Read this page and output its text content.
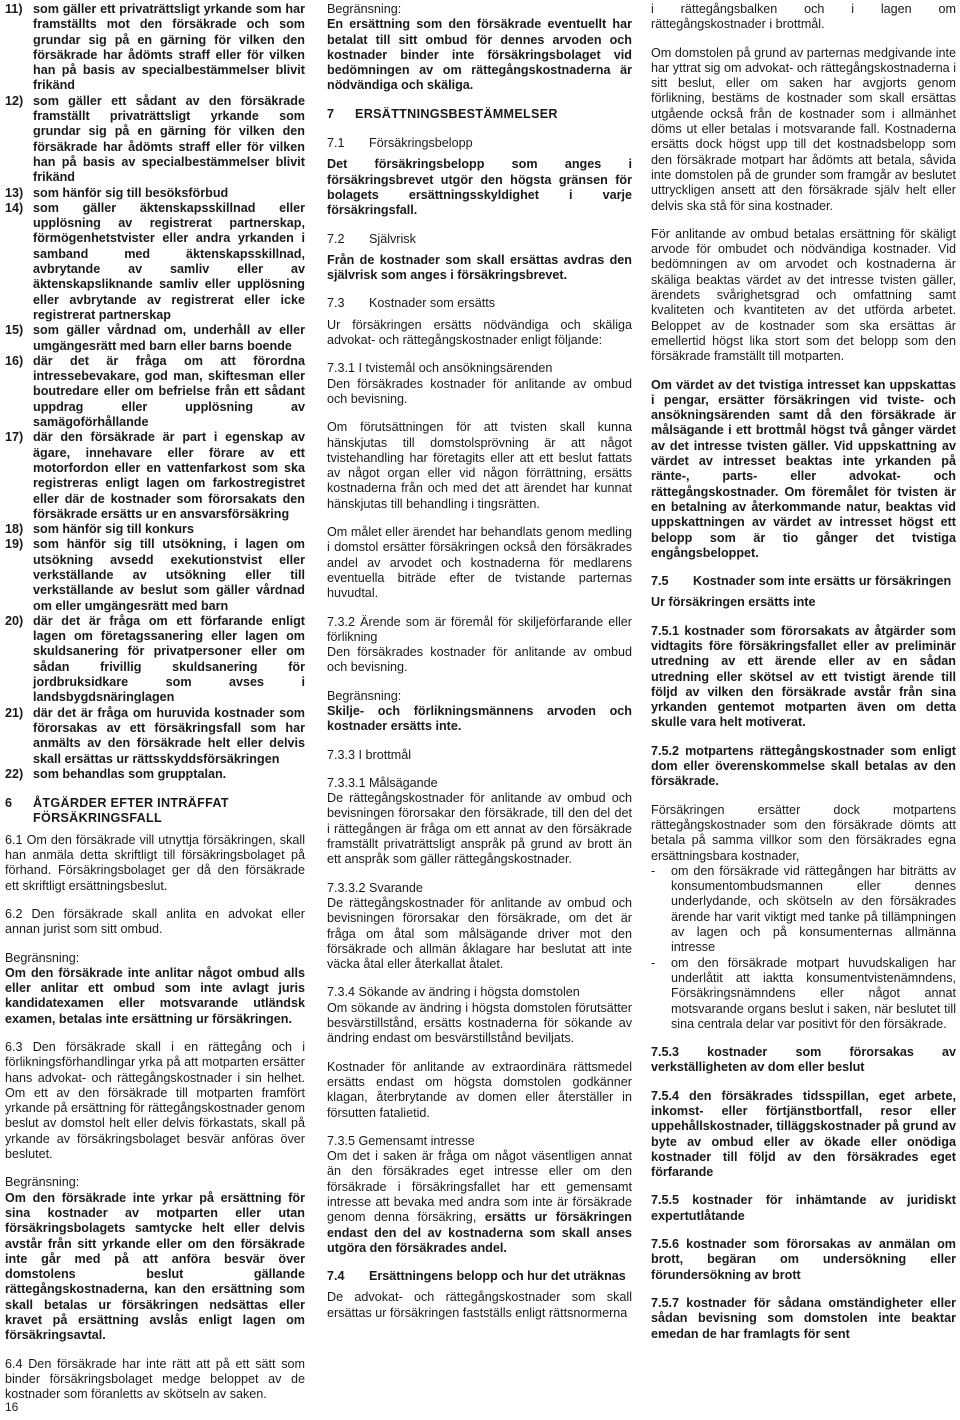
11) som gäller ett privaträttsligt yrkande som har framställts mot den försäkrade och som grundar sig på en gärning för vilken den försäkrade har ådömts straff eller för vilken han på basis av specialbestämmelser blivit frikänd
12) som gäller ett sådant av den försäkrade framställt privaträttsligt yrkande som grundar sig på en gärning för vilken den försäkrade har ådömts straff eller för vilken han på basis av specialbestämmelser blivit frikänd
13) som hänför sig till besöksförbud
14) som gäller äktenskapsskillnad eller upplösning av registrerat partnerskap, förmögenhetstvister eller andra yrkanden i samband med äktenskapsskillnad, avbrytande av samliv eller av äktenskapsliknande samliv eller upplösning eller avbrytande av registrerat eller icke registrerat partnerskap
15) som gäller vårdnad om, underhåll av eller umgängesrätt med barn eller barns boende
16) där det är fråga om att förordna intressebevakare, god man, skiftesman eller boutredare eller om befrielse från ett sådant uppdrag eller upplösning av samägoförhållande
17) där den försäkrade är part i egenskap av ägare, innehavare eller förare av ett motorfordon eller en vattenfarkost som ska registreras enligt lagen om farkostregistret eller där de kostnader som förorsakats den försäkrade ersätts ur en ansvarsförsäkring
18) som hänför sig till konkurs
19) som hänför sig till utsökning, i lagen om utsökning avsedd exekutionstvist eller verkställande av utsökning eller till verkställande av beslut som gäller vårdnad om eller umgängesrätt med barn
20) där det är fråga om ett förfarande enligt lagen om företagssanering eller lagen om skuldsanering för privatpersoner eller om sådan frivillig skuldsanering för jordbruksidkare som avses i landsbygdsnäringlagen
21) där det är fråga om huruvida kostnader som förorsakas av ett försäkringsfall som har anmälts av den försäkrade helt eller delvis skall ersättas ur rättsskyddsförsäkringen
22) som behandlas som grupptalan.
6	ÅTGÄRDER EFTER INTRÄFFAT FÖRSÄKRINGSFALL

6.1 Om den försäkrade vill utnyttja försäkringen, skall han anmäla detta skriftligt till försäkringsbolaget på förhand. Försäkringsbolaget ger då den försäkrade ett skriftligt ersättningsbeslut.

6.2 Den försäkrade skall anlita en advokat eller annan jurist som sitt ombud.

Begränsning:
Om den försäkrade inte anlitar något ombud alls eller anlitar ett ombud som inte avlagt juris kandidatexamen eller motsvarande utländsk examen, betalas inte ersättning ur försäkringen.

6.3 Den försäkrade skall i en rättegång och i förlikningsförhandlingar yrka på att motparten ersätter hans advokat- och rättegångskostnader i sin helhet. Om ett av den försäkrade till motparten framfört yrkande på ersättning för rättegångskostnader genom beslut av domstol helt eller delvis förkastats, skall på yrkande av försäkringsbolaget besvär anföras över beslutet.

Begränsning:
Om den försäkrade inte yrkar på ersättning för sina kostnader av motparten eller utan försäkringsbolagets samtycke helt eller delvis avstår från sitt yrkande eller om den försäkrade inte går med på att anföra besvär över domstolens beslut gällande rättegångskostnaderna, kan den ersättning som skall betalas ur försäkringen nedsättas eller kravet på ersättning avslås enligt lagen om försäkringsavtal.

6.4 Den försäkrade har inte rätt att på ett sätt som binder försäkringsbolaget medge beloppet av de kostnader som föranletts av skötseln av saken.

Begränsning:
En ersättning som den försäkrade eventuellt har betalat till sitt ombud för dennes arvoden och kostnader binder inte försäkringsbolaget vid bedömningen av om rättegångskostnaderna är nödvändiga och skäliga.

7	ERSÄTTNINGSBESTÄMMELSER
7.1	Försäkringsbelopp

Det försäkringsbelopp som anges i försäkringsbrevet utgör den högsta gränsen för bolagets ersättningsskyldighet i varje försäkringsfall.

7.2	Självrisk

Från de kostnader som skall ersättas avdras den självrisk som anges i försäkringsbrevet.

7.3	Kostnader som ersätts

Ur försäkringen ersätts nödvändiga och skäliga advokat- och rättegångskostnader enligt följande:

7.3.1 I tvistemål och ansökningsärenden
Den försäkrades kostnader för anlitande av ombud och bevisning.

Om förutsättningen för att tvisten skall kunna hänskjutas till domstolsprövning är att något tvistehandling har företagits eller att ett beslut fattats av något organ eller vid någon förrättning, ersätts kostnaderna från och med det att ärendet har kunnat hänskjutas till behandling i tingsrätten.

Om målet eller ärendet har behandlats genom medling i domstol ersätter försäkringen också den försäkrades andel av arvodet och kostnaderna för medlarens eventuella biträde efter de tvistande parternas huvudtal.

7.3.2 Ärende som är föremål för skiljeförfarande eller förlikning
Den försäkrades kostnader för anlitande av ombud och bevisning.

Begränsning:
Skilje- och förlikningsmännens arvoden och kostnader ersätts inte.

7.3.3 I brottmål

7.3.3.1 Målsägande
De rättegångskostnader för anlitande av ombud och bevisningen förorsakar den försäkrade, till den del det i rättegången är fråga om ett annat av den försäkrade framställt privaträttsligt anspråk på grund av brott än ett anspråk som gäller rättegångskostnader.

7.3.3.2 Svarande
De rättegångskostnader för anlitande av ombud och bevisningen förorsakar den försäkrade, om det är fråga om åtal som målsägande driver mot den försäkrade och allmän åklagare har beslutat att inte väcka åtal eller återkallat åtalet.

7.3.4 Sökande av ändring i högsta domstolen
Om sökande av ändring i högsta domstolen förutsätter besvärstillstånd, ersätts kostnaderna för sökande av ändring endast om besvärstillstånd beviljats.

Kostnader för anlitande av extraordinära rättsmedel ersätts endast om högsta domstolen godkänner klagan, återbrytande av domen eller återställer in försutten fatalietid.

7.3.5 Gemensamt intresse
Om det i saken är fråga om något väsentligen annat än den försäkrades eget intresse eller om den försäkrade i försäkringsfallet har ett gemensamt intresse att bevaka med andra som inte är försäkrade genom denna försäkring, ersätts ur försäkringen endast den del av kostnaderna som skall anses utgöra den försäkrades andel.

7.4	Ersättningens belopp och hur det uträknas

De advokat- och rättegångskostnader som skall ersättas ur försäkringen fastställs enligt rättsnormerna

i rättegångsbalken och i lagen om rättegångskostnader i brottmål.

Om domstolen på grund av parternas medgivande inte har yttrat sig om advokat- och rättegångskostnaderna i sitt beslut, eller om saken har avgjorts genom förlikning, bestäms de kostnader som skall ersättas utgående också från de kostnader som i allmänhet döms ut eller betalas i motsvarande fall. Kostnaderna ersätts dock högst upp till det kostnadsbelopp som den försäkrade motpart har ådömts att betala, såvida inte domstolen på de grunder som framgår av beslutet uttryckligen ansett att den försäkrade själv helt eller delvis ska stå för sina kostnader.

För anlitande av ombud betalas ersättning för skäligt arvode för ombudet och nödvändiga kostnader. Vid bedömningen av om arvodet och kostnaderna är skäliga beaktas värdet av det intresse tvisten gäller, ärendets svårighetsgrad och omfattning samt kvaliteten och kvantiteten av det utförda arbetet. Beloppet av de kostnader som ska ersättas är emellertid högst lika stort som det belopp som den försäkrade framställt till motparten.

Om värdet av det tvistiga intresset kan uppskattas i pengar, ersätter försäkringen vid tviste- och ansökningsärenden samt då den försäkrade är målsägande i ett brottmål högst två gånger värdet av det intresse tvisten gäller. Vid uppskattning av värdet av intresset beaktas inte yrkanden på ränte-, parts- eller advokat- och rättegångskostnader. Om föremålet för tvisten är en betalning av återkommande natur, beaktas vid uppskattningen av värdet av intresset högst ett belopp som är tio gånger det tvistiga engångsbeloppet.

7.5	Kostnader som inte ersätts ur försäkringen

Ur försäkringen ersätts inte

7.5.1 kostnader som förorsakats av åtgärder som vidtagits före försäkringsfallet eller av preliminär utredning av ett ärende eller av en sådan utredning eller skötsel av ett tvistigt ärende till följd av vilken den försäkrade avstår från sina yrkanden gentemot motparten även om detta skulle vara helt motiverat.

7.5.2 motpartens rättegångskostnader som enligt dom eller överenskommelse skall betalas av den försäkrade.

Försäkringen ersätter dock motpartens rättegångskostnader som den försäkrade dömts att betala på samma villkor som den försäkrades egna ersättningsbara kostnader,

-	om den försäkrade vid rättegången har biträtts av konsumentombudsmannen eller dennes underlydande, och skötseln av den försäkrades ärende har varit viktigt med tanke på tillämpningen av lagen och på konsumenternas allmänna intresse
-	om den försäkrade motpart huvudskaligen har underlåtit att iaktta konsumentvistenämndens, Försäkringsnämndens eller något annat motsvarande organs beslut i saken, när beslutet till sina centrala delar var positivt för den försäkrade.

7.5.3 kostnader som förorsakas av verkställigheten av dom eller beslut

7.5.4 den försäkrades tidsspillan, eget arbete, inkomst- eller förtjänstbortfall, resor eller uppehållskostnader, tilläggskostnader på grund av byte av ombud eller av ökade eller onödiga kostnader till följd av den försäkrades eget förfarande

7.5.5 kostnader för inhämtande av juridiskt expertutlåtande

7.5.6 kostnader som förorsakas av anmälan om brott, begäran om undersökning eller förundersökning av brott

7.5.7 kostnader för sådana omständigheter eller sådan bevisning som domstolen inte beaktar emedan de har framlagts för sent

16
